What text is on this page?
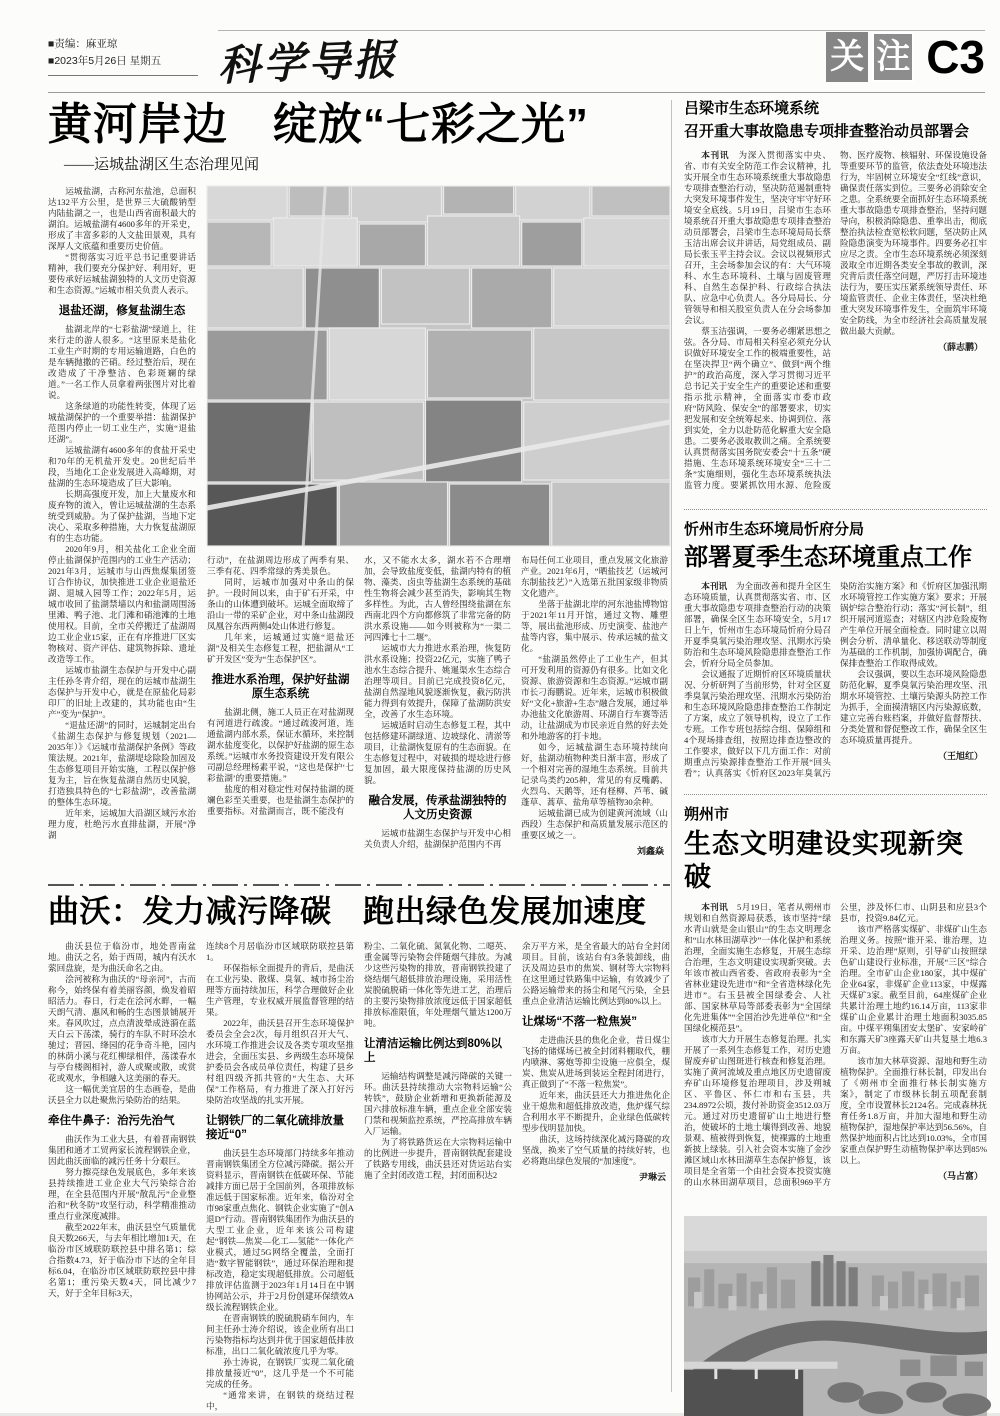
■责编：麻亚琼
■2023年5月26日 星期五	科学导报	关 注 C3
黄河岸边　绽放“七彩之光”
——运城盐湖区生态治理见闻

运城盐湖，古称河东盐池，总面积达132平方公里，是世界三大硫酸钠型内陆盐湖之一，也是山西省面积最大的湖泊。运城盐湖有4600多年的开采史，形成了丰富多彩的人文盐田景观，具有深厚人文底蕴和重要历史价值。

“贯彻落实习近平总书记重要讲话精神，我们要充分保护好、利用好，更要传承好运城盐湖独特的人文历史资源和生态资源。”运城市相关负责人表示。

退盐还湖，修复盐湖生态

盐湖北岸的“七彩盐湖”绿道上，往来行走的游人很多。“这里原来是盐化工业生产时期的专用运输道路，白色的是车辆抛撒的芒硝。经过整治后，现在改造成了干净整洁、色彩斑斓的绿道。”一名工作人员拿着两张图片对比着说。

这条绿道的功能性转变，体现了运城盐湖保护的一个重要举措：盐湖保护范围内停止一切工业生产，实施“退盐还湖”。

运城盐湖有4600多年的食盐开采史和70年的无机盐开发史。20世纪后半段，当地化工企业发展进入高峰期，对盐湖的生态环境造成了巨大影响。

长期高强度开发，加上大量废水和废弃物的流入，曾让运城盐湖的生态系统受到威胁。为了保护盐湖，当地下定决心、采取多种措施，大力恢复盐湖原有的生态功能。

2020年9月，相关盐化工企业全面停止盐湖保护范围内的工业生产活动；2021年3月，运城市与山西焦煤集团签订合作协议，加快推进工业企业退盐还湖、退城入园等工作；2022年5月，运城市收回了盐湖禁墙以内和盐湖周围汤里滩、鸭子池、北门滩和硝池滩的土地使用权。目前，全市关停搬迁了盐湖周边工业企业15家，正在有序推进厂区实物核对、资产评估、建筑物拆除、遗址改造等工作。

运城市盐湖生态保护与开发中心副主任孙冬青介绍，现在的运城市盐湖生态保护与开发中心，就是在原盐化局彩印厂的旧址上改建的，其功能也由“生产”变为“保护”。

“退盐还湖”的同时，运城制定出台《盐湖生态保护与修复规划（2021—2035年）》《运城市盐湖保护条例》等政策法规。2021年，盐湖堤埝除险加固及生态修复项目开始实施，工程以保护修复为主，旨在恢复盐湖自然历史风貌，打造独具特色的“七彩盐湖”，改善盐湖的整体生态环境。

近年来，运城加大沿湖区域污水治理力度，杜绝污水直排盐湖，开展“净湖

行动”，在盐湖周边形成了两季有果、三季有花、四季常绿的秀美景色。

同时，运城市加强对中条山的保护。一段时间以来，由于矿石开采，中条山的山体遭到破坏。运城全面取缔了沿山一带的采矿企业，对中条山盐湖段凤凰谷东西两侧4处山体进行修复。

几年来，运城通过实施“退盐还湖”及相关生态修复工程，把盐湖从“工矿开发区”变为“生态保护区”。

推进水系治理，保护好盐湖原生态系统

盐湖北侧，施工人员正在对盐湖现有河道进行疏浚。“通过疏浚河道，连通盐湖内部水系，保证水循环，来控制湖水盐度变化，以保护好盐湖的原生态系统。”运城市水务投资建设开发有限公司副总经理杨素平说，“这也是保护‘七彩盐湖’的重要措施。”

盐度的相对稳定性对保持盐湖的斑斓色彩至关重要，也是盐湖生态保护的重要指标。对盐湖而言，既不能没有

水，又不能水太多，湖水若不合理增加，会导致盐度变低，盐湖内特有的植物、藻类、卤虫等盐湖生态系统的基础性生物将会减少甚至消失，影响其生物多样性。为此，古人曾经围绕盐湖在东西南北四个方向都修筑了非常完备的防洪水系设施——如今则被称为“一渠二河四滩七十二堰”。

运城市大力推进水系治理，恢复防洪水系设施；投资22亿元，实施了鸭子池水生态综合提升、姚暹渠水生态综合治理等项目。目前已完成投资8亿元，盐湖自然湿地风貌逐渐恢复，截污防洪能力得到有效提升，保障了盐湖防洪安全，改善了水生态环境。

运城适时启动生态修复工程，其中包括修建环湖绿道、边坡绿化、清淤等项目，让盐湖恢复原有的生态面貌。在生态修复过程中，对破损的堤埝进行修复加固，最大限度保持盐湖的历史风貌。

融合发展，传承盐湖独特的人文历史资源

运城市盐湖生态保护与开发中心相关负责人介绍，盐湖保护范围内不再

布局任何工业项目，重点发展文化旅游产业。2021年6月，“晒盐技艺（运城河东制盐技艺）”入选第五批国家级非物质文化遗产。

坐落于盐湖北岸的河东池盐博物馆于2021年11月开馆，通过文物、雕塑等，展出盐池形成、历史演变、盐池产盐等内容，集中展示、传承运城的盐文化。

“盐湖虽然停止了工业生产，但其可开发利用的资源仍有很多。比如文化资源、旅游资源和生态资源。”运城市副市长刁海鹏说。近年来，运城市积极做好“文化+旅游+生态”融合发展，通过举办池盐文化旅游周、环湖自行车赛等活动，让盐湖成为市民亲近自然的好去处和外地游客的打卡地。

如今，运城盐湖生态环境持续向好，盐湖动植物种类日渐丰富，形成了一个相对完善的湿地生态系统。目前共记录鸟类约205种，常见的有反嘴鹬、火烈鸟、天鹅等，还有柽柳、芦苇、碱蓬草、蒿草、盐角草等植物30余种。

运城盐湖已成为创建黄河流域（山西段）生态保护和高质量发展示范区的重要区域之一。

刘鑫焱
曲沃：发力减污降碳　跑出绿色发展加速度

曲沃县位于临汾市，地处晋南盆地。曲沃之名，始于西周，城内有沃水萦回盘旋，是为曲沃命名之由。

浍河被称为曲沃的“母亲河”，古而称今，始终保有着美丽容颜，焕发着昭昭活力。春日，行走在浍河水畔，一幅天朗气清、惠风和畅的生态图景铺展开来。春风吹过，点点清波晕成涟漪在蓝天白云下荡漾，骑行的车队不时环浍水驰过；晋园、绛园的花争奇斗艳，园内的林荫小溪与花红柳绿相伴，荡漾春水与亭台楼阁相衬，游人或聚或散，或赏花或观水，争相融入这美丽的春天。

这一幅优美宜居的生态画卷，是曲沃县全力以赴聚焦污染防治的结果。

牵住牛鼻子：治污先治气

曲沃作为工业大县，有着晋南钢铁集团和通才工贸两家长流程钢铁企业，因此曲沃面临的减污任务十分艰巨。

努力擦亮绿色发展底色，多年来该县持续推进工业企业大气污染综合治理，在全县范围内开展“散乱污”企业整治和“秋冬防”攻坚行动，科学精准推动重点行业深度减排。

截至2022年末，曲沃县空气质量优良天数266天，与去年相比增加1天，在临汾市区域联防联控县中排名第1；综合指数4.73，好于临汾市下达的全年目标6.04，在临汾市区域联防联控县中排名第1；重污染天数4天，同比减少7天，好于全年目标3天，

连续8个月居临汾市区域联防联控县第1。

环保指标全面提升的背后，是曲沃在工业污染、散煤、臭氧、城市扬尘治理等方面持续加压，科学合理做好企业生产管理，专业权威开展监督管理的结果。

2022年，曲沃县召开生态环境保护委员会全会2次，每月组织召开大气、水环境工作推进会议及各类专项攻坚推进会，全面压实县、乡两级生态环境保护委员会各成员单位责任，构建了县乡村组四级齐抓共管的“大生态、大环保”工作格局，有力推进了深入打好污染防治攻坚战的扎实开展。

让钢铁厂的二氧化硫排放量接近“0”

曲沃县生态环境部门持续多年推动晋南钢铁集团全方位减污降碳。据公开资料显示，晋南钢铁在低碳环保、节能减排方面已居于全国前列，各项排放标准远低于国家标准。近年来，临汾对全市98家重点焦化、钢铁企业实施了“创A退D”行动。晋南钢铁集团作为曲沃县的大型工业企业，近年来该公司构建起“钢铁—焦炭—化工—氢能”一体化产业模式，通过5G网络全覆盖，全面打造“数字智能钢铁”，通过环保治理和提标改造，稳定实现超低排放。公司超低排放评估监测于2023年1月14日在中钢协网站公示，并于2月份创建环保绩效A级长流程钢铁企业。

在晋南钢铁的脱硫脱硝车间内，车间主任孙士涛介绍说，该企业所有出口污染物指标均达到并优于国家超低排放标准，出口二氧化硫浓度几乎为零。

孙士涛说，在钢铁厂实现二氧化硫排放量接近“0”，这几乎是一个不可能完成的任务。

“通常来讲，在钢铁的烧结过程中，

粉尘、二氧化硫、氮氧化物、二噁英、重金属等污染物会伴随烟气排放。为减少这些污染物的排放，晋南钢铁投建了烧结烟气超低排放治理设施，采用活性炭脱硫脱硝一体化等先进工艺，治理后的主要污染物排放浓度远低于国家超低排放标准限值，年处理烟气量达1200万吨。

让清洁运输比例达到80%以上

运输结构调整是减污降碳的关键一环。曲沃县持续推动大宗物料运输“公转铁”，鼓励企业新增和更换新能源及国六排放标准车辆，重点企业全部安装门禁和视频监控系统，严控高排放车辆入厂运输。

为了将铁路货运在大宗物料运输中的比例进一步提升，晋南钢铁配套建设了铁路专用线，曲沃县还对货运站台实施了全封闭改造工程，封闭面积达2

余万平方米，是全省最大的站台全封闭项目。目前，该站台有3条装卸线，曲沃及周边县市的焦炭、钢材等大宗物料在这里通过铁路集中运输，有效减少了公路运输带来的扬尘和尾气污染，全县重点企业清洁运输比例达到80%以上。

让煤场“不落一粒焦炭”

走进曲沃县的焦化企业，昔日煤尘飞扬的储煤场已被全封闭料棚取代，棚内喷淋、雾炮等抑尘设施一应俱全，煤炭、焦炭从进场到装运全程封闭进行，真正做到了“不落一粒焦炭”。

近年来，曲沃县还大力推进焦化企业干熄焦和超低排放改造，焦炉煤气综合利用水平不断提升，企业绿色低碳转型步伐明显加快。

曲沃，这场持续深化减污降碳的攻坚战，换来了空气质量的持续好转，也必将跑出绿色发展的“加速度”。

尹琳云
吕梁市生态环境系统
召开重大事故隐患专项排查整治动员部署会

本刊讯　为深入贯彻落实中央、省、市有关安全防范工作会议精神，扎实开展全市生态环境系统重大事故隐患专项排查整治行动，坚决防范遏制重特大突发环境事件发生，坚决守牢守好环境安全底线。5月19日，吕梁市生态环境系统召开重大事故隐患专项排查整治动员部署会，吕梁市生态环境局局长蔡玉洁出席会议并讲话，局党组成员、副局长张玉平主持会议。会议以视频形式召开，主会场参加会议的有：大气环境科、水生态环境科、土壤与固废管理科、自然生态保护科、行政综合执法队、应急中心负责人。各分局局长、分管领导和相关股室负责人在分会场参加会议。

蔡玉洁强调，一要务必绷紧思想之弦。各分局、市局相关科室必须充分认识做好环境安全工作的极端重要性，站在坚决捍卫“两个确立”、做到“两个维护”的政治高度，深入学习贯彻习近平总书记关于安全生产的重要论述和重要指示批示精神，全面落实市委市政府“防风险、保安全”的部署要求，切实把发展和安全统筹起来、协调到位、落到实处，全力以赴防范化解重大安全隐患。二要务必汲取教训之痛。全系统要认真贯彻落实国务院安委会“十五条”硬措施、生态环境系统环境安全“三十二条”实施细则，强化生态环境系统执法监管力度。要紧抓饮用水源、危险废物、医疗废物、核辐射、环保设施设备等重要环节的监管，依法查处环境违法行为，牢固树立环境安全“红线”意识，确保责任落实到位。三要务必消除安全之患。全系统要全面抓好生态环境系统重大事故隐患专项排查整治，坚持问题导向，积极消除隐患、重拳出击，彻底整治执法检查宽松软问题，坚决防止风险隐患演变为环境事件。四要务必扛牢应尽之责。全市生态环境系统必须深刻汲取全市近期各类安全事故的教训，深究背后责任落空问题，严厉打击环境违法行为，要压实压紧系统领导责任、环境监管责任、企业主体责任，坚决杜绝重大突发环境事件发生，全面筑牢环境安全防线，为全市经济社会高质量发展做出最大贡献。

（薛志鹏）
忻州市生态环境局忻府分局
部署夏季生态环境重点工作

本刊讯　为全面改善和提升全区生态环境质量，认真贯彻落实省、市、区重大事故隐患专项排查整治行动的决策部署，确保全区生态环境安全，5月17日上午，忻州市生态环境局忻府分局召开夏季臭氧污染治理攻坚、汛期水污染防治和生态环境风险隐患排查整治工作会，忻府分局全员参加。

会议通报了近期忻府区环境质量状况、分析研判了当前形势，针对全区夏季臭氧污染治理攻坚、汛期水污染防治和生态环境风险隐患排查整治工作制定了方案，成立了领导机构，设立了工作专班。工作专班包括综合组、保障组和4个现场排查组，按照边排查边整改的工作要求，做好以下几方面工作：对前期重点污染源排查整治工作开展“回头看”；认真落实《忻府区2023年臭氧污染防治实施方案》和《忻府区加强汛期水环境管控工作实施方案》要求；开展锅炉综合整治行动；落实“河长制”，组织开展河道巡查；对辖区内涉危险废物产生单位开展全面检查。同时建立以周例会分析、清单量化、移送联动等制度为基础的工作机制，加强协调配合，确保排查整治工作取得成效。

会议强调，要以生态环境风险隐患防范化解，夏季臭氧污染治理攻坚、汛期水环境管控、土壤污染源头防控工作为抓手，全面摸清辖区内污染源底数，建立完善台账档案，并做好监督帮扶、分类处置和督促整改工作，确保全区生态环境质量再提升。

（王旭红）
朔州市
生态文明建设实现新突破

本刊讯　5月19日，笔者从朔州市规划和自然资源局获悉，该市坚持“绿水青山就是金山银山”的生态文明理念和“山水林田湖草沙”一体化保护和系统治理，全面实施生态修复，开展生态综合治理，生态文明建设实现新突破。去年该市被山西省委、省政府表彰为“全省林业建设先进市”和“全省造林绿化先进市”。右玉县被全国绿委会、人社部、国家林草局等部委表彰为“全国绿化先进集体”“全国治沙先进单位”和“全国绿化模范县”。

该市大力开展生态修复治理。扎实开展了一系列生态修复工作，对历史遗留废弃矿山图斑进行核查和修复治理。实施了黄河流域及重点地区历史遗留废弃矿山环境修复治理项目，涉及朔城区、平鲁区、怀仁市和右玉县，共234.8972公顷，拨付补助资金3512.03万元。通过对历史遗留矿山土地进行整治，使破坏的土地土壤得到改善、地貌景观、植被得到恢复，使裸露的土地重新披上绿装。引入社会资本实施了金沙滩区域山水林田湖草生态保护修复，该项目是全省第一个由社会资本投资实施的山水林田湖草项目，总面积969平方公里，涉及怀仁市、山阴县和应县3个县市，投资9.84亿元。

该市严格落实煤矿、非煤矿山生态治理义务。按照“谁开采、谁治理，边开采、边治理”原则，引导矿山按照绿色矿山建设行业标准，开展“三区”综合治理。全市矿山企业180家，其中煤矿企业64家，非煤矿企业113家，中煤露天煤矿3家。截至目前，64座煤矿企业共累计治理土地约16.14万亩，113家非煤矿山企业累计治理土地面积3035.85亩。中煤平朔集团安太堡矿、安家岭矿和东露天矿3座露天矿山共复垦土地6.3万亩。

该市加大林草资源、湿地和野生动植物保护。全面推行林长制，印发出台了《朔州市全面推行林长制实施方案》，制定了市级林长制五项配套制度，全市设置林长2124名。完成森林抚育任务1.8万亩，并加大湿地和野生动植物保护，湿地保护率达到56.56%，自然保护地面积占比达到10.03%，全市国家重点保护野生动植物保护率达到85%以上。

（马占富）
